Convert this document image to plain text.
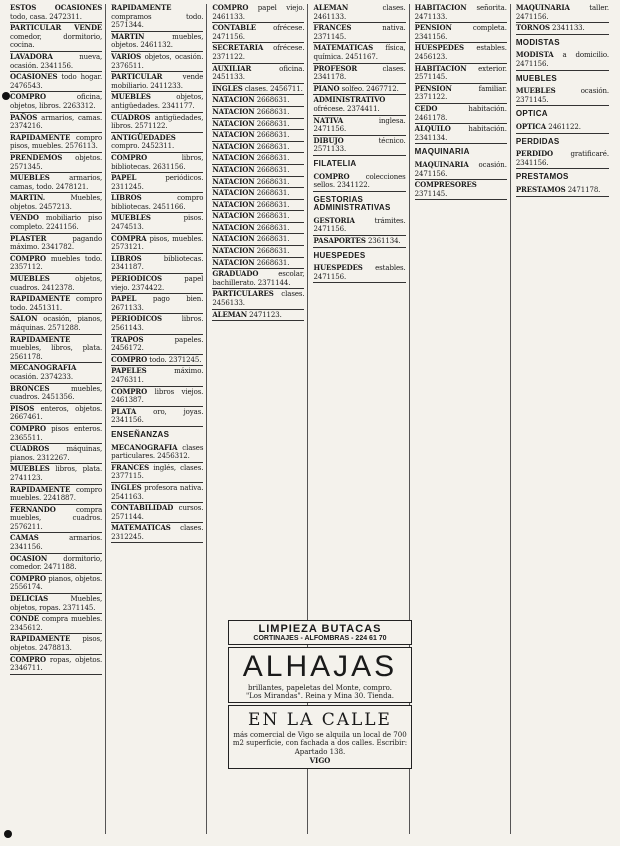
ESTOS OCASIONES todo, casa. 2472311.
PARTICULAR VENDE comedor, dormitorio, cocina.
LAVADORA	nueva, ocasión. 2341156.
OCASIONES todo hogar. 2476543.
COMPRO	oficina, objetos, libros. 2263312.
PAÑOS armarios, camas. 2374216.
RAPIDAMENTE compro pisos, muebles. 2576113.
PRENDEMOS objetos. 2571345.
MUEBLES	armarios, camas, todo. 2478121.
MARTIN.	Muebles, objetos. 2457213.
VENDO mobiliario piso completo. 2241156.
PLASTER	pagando máximo. 2341782.
COMPRO muebles todo. 2357112.
MUEBLES	objetos, cuadros. 2412378.
RAPIDAMENTE compro todo. 2451311.
SALON ocasión, pianos, máquinas. 2571288.
RAPIDAMENTE muebles, libros, plata. 2561178.
MECANOGRAFIA ocasión. 2374233.
BRONCES	muebles, cuadros. 2451356.
PISOS enteros, objetos. 2667461.
COMPRO pisos enteros. 2365511.
CUADROS máquinas, pianos. 2312267.
MUEBLES libros, plata. 2741123.
RAPIDAMENTE compro muebles. 2241887.
FERNANDO	compra muebles, cuadros. 2576211.
CAMAS	armarios. 2341156.
OCASION dormitorio, comedor. 2471188.
COMPRO pianos, objetos. 2556174.
DELICIAS	Muebles, objetos, ropas. 2371145.
CONDE compra muebles. 2345612.
RAPIDAMENTE pisos, objetos. 2478813.
COMPRO ropas, objetos. 2346711.
RAPIDAMENTE compramos todo. 2571344.
MARTIN	muebles, objetos. 2461132.
VARIOS objetos, ocasión. 2376511.
PARTICULAR	vende mobiliario. 2411233.
MUEBLES	objetos, antigüedades. 2341177.
CUADROS antigüedades, libros. 2571122.
ANTIGÜEDADES compro. 2452311.
COMPRO	libros, bibliotecas. 2631156.
PAPEL	periódicos. 2311245.
LIBROS	compro bibliotecas. 2451166.
MUEBLES	pisos. 2474513.
COMPRA pisos, muebles. 2573121.
LIBROS	bibliotecas. 2341187.
PERIODICOS	papel viejo. 2374422.
PAPEL pago bien. 2671133.
PERIODICOS	libros. 2561143.
TRAPOS	papeles. 2456172.
COMPRO todo. 2371245.
PAPELES	máximo. 2476311.
COMPRO libros viejos. 2461387.
PLATA oro, joyas. 2341156.
ENSEÑANZAS
MECANOGRAFIA clases particulares. 2456312.
FRANCES inglés, clases. 2377115.
INGLES profesora nativa. 2541163.
CONTABILIDAD cursos. 2571144.
MATEMATICAS clases. 2312245.
COMPRO papel viejo. 2461133.
CONTABLE ofrécese. 2471156.
SECRETARIA ofrécese. 2371122.
AUXILIAR	oficina. 2451133.
INGLES clases. 2456711.
NATACION 2668631.
NATACION 2668631.
NATACION 2668631.
NATACION 2668631.
NATACION 2668631.
NATACION 2668631.
NATACION 2668631.
NATACION 2668631.
NATACION 2668631.
NATACION 2668631.
NATACION 2668631.
NATACION 2668631.
NATACION 2668631.
NATACION 2668631.
NATACION 2668631.
GRADUADO	escolar, bachillerato. 2371144.
PARTICULARES clases. 2456133.
ALEMAN 2471123.
ALEMAN	clases. 2461133.
FRANCES	nativa. 2371145.
MATEMATICAS física, química. 2451167.
PROFESOR	clases. 2341178.
PIANO solfeo. 2467712.
ADMINISTRATIVO ofrécese. 2374411.
NATIVA	inglesa. 2471156.
DIBUJO	técnico. 2571133.
FILATELIA
COMPRO colecciones sellos. 2341122.
GESTORIAS ADMINISTRATIVAS
GESTORIA	trámites. 2471156.
PASAPORTES 2361134.
HUESPEDES
HUESPEDES estables. 2471156.
HABITACION señorita. 2471133.
PENSION	completa. 2341156.
HUESPEDES estables. 2456123.
HABITACION exterior. 2571145.
PENSION	familiar. 2371122.
CEDO	habitación. 2461178.
ALQUILO	habitación. 2341134.
MAQUINARIA
MAQUINARIA ocasión. 2471156.
COMPRESORES 2371145.
MAQUINARIA	taller. 2471156.
TORNOS 2341133.
MODISTAS
MODISTA a domicilio. 2471156.
MUEBLES
MUEBLES	ocasión. 2371145.
OPTICA
OPTICA 2461122.
PERDIDAS
PERDIDO gratificaré. 2341156.
PRESTAMOS
PRESTAMOS 2471178.
LIMPIEZA BUTACAS
CORTINAJES - ALFOMBRAS - 224 61 70
ALHAJAS
brillantes, papeletas del Monte, compro.
"Los Mirandas". Reina y Mina 30. Tienda.
EN LA CALLE
más comercial de Vigo se alquila un local de 700 m2 superficie, con fachada a dos calles. Escribir: Apartado 138.
VIGO
